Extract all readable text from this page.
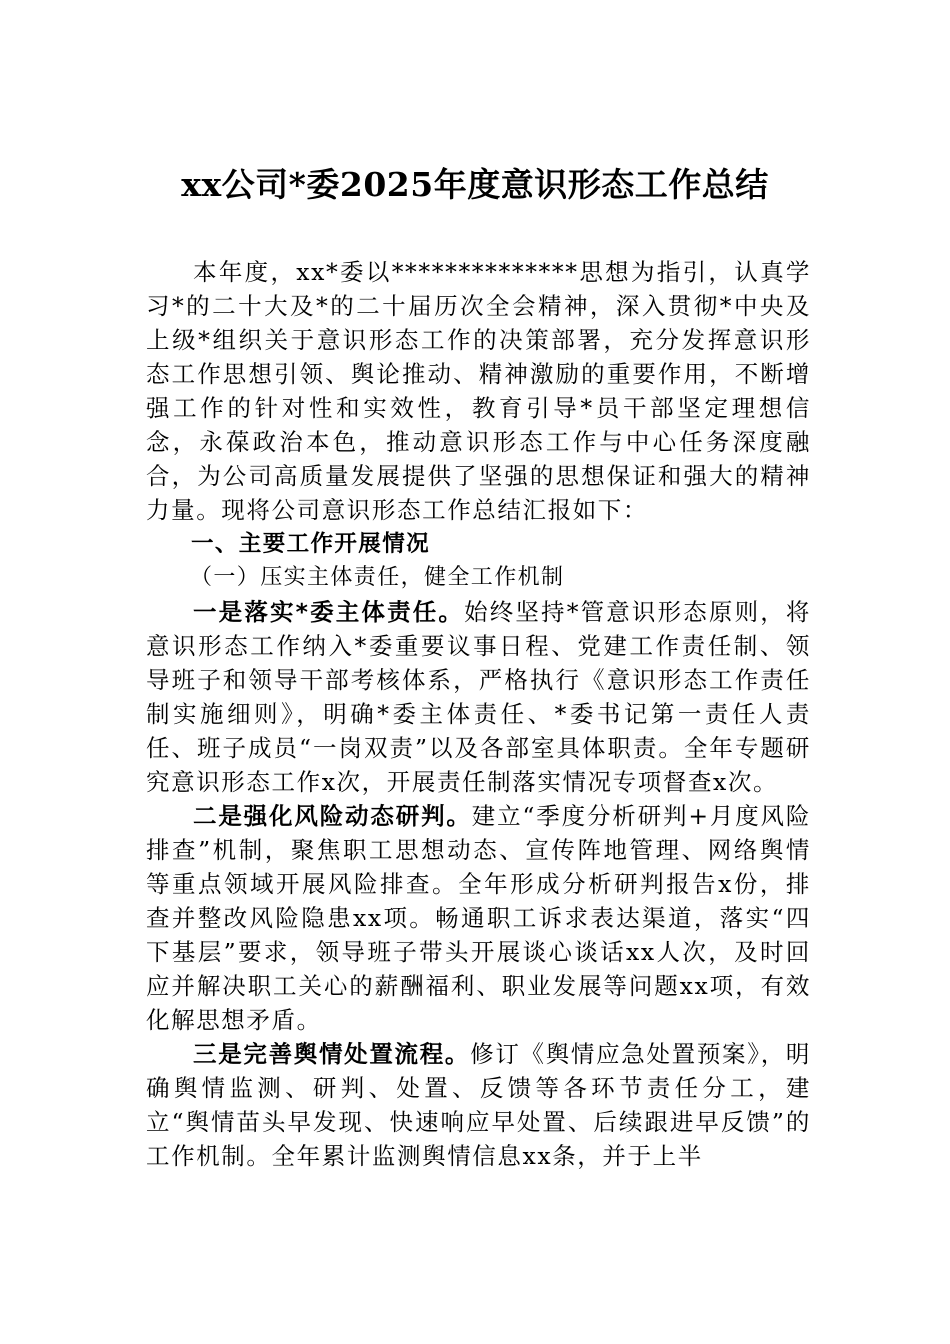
xx公司*委2025年度意识形态工作总结

本年度，xx*委以**************思想为指引，认真学习*的二十大及*的二十届历次全会精神，深入贯彻*中央及上级*组织关于意识形态工作的决策部署，充分发挥意识形态工作思想引领、舆论推动、精神激励的重要作用，不断增强工作的针对性和实效性，教育引导*员干部坚定理想信念，永葆政治本色，推动意识形态工作与中心任务深度融合，为公司高质量发展提供了坚强的思想保证和强大的精神力量。现将公司意识形态工作总结汇报如下：

一、主要工作开展情况

（一）压实主体责任，健全工作机制

一是落实*委主体责任。始终坚持*管意识形态原则，将意识形态工作纳入*委重要议事日程、党建工作责任制、领导班子和领导干部考核体系，严格执行《意识形态工作责任制实施细则》，明确*委主体责任、*委书记第一责任人责任、班子成员“一岗双责”以及各部室具体职责。全年专题研究意识形态工作x次，开展责任制落实情况专项督查x次。

二是强化风险动态研判。建立“季度分析研判+月度风险排查”机制，聚焦职工思想动态、宣传阵地管理、网络舆情等重点领域开展风险排查。全年形成分析研判报告x份，排查并整改风险隐患xx项。畅通职工诉求表达渠道，落实“四下基层”要求，领导班子带头开展谈心谈话xx人次，及时回应并解决职工关心的薪酬福利、职业发展等问题xx项，有效化解思想矛盾。

三是完善舆情处置流程。修订《舆情应急处置预案》，明确舆情监测、研判、处置、反馈等各环节责任分工，建立“舆情苗头早发现、快速响应早处置、后续跟进早反馈”的工作机制。全年累计监测舆情信息xx条，并于上半
